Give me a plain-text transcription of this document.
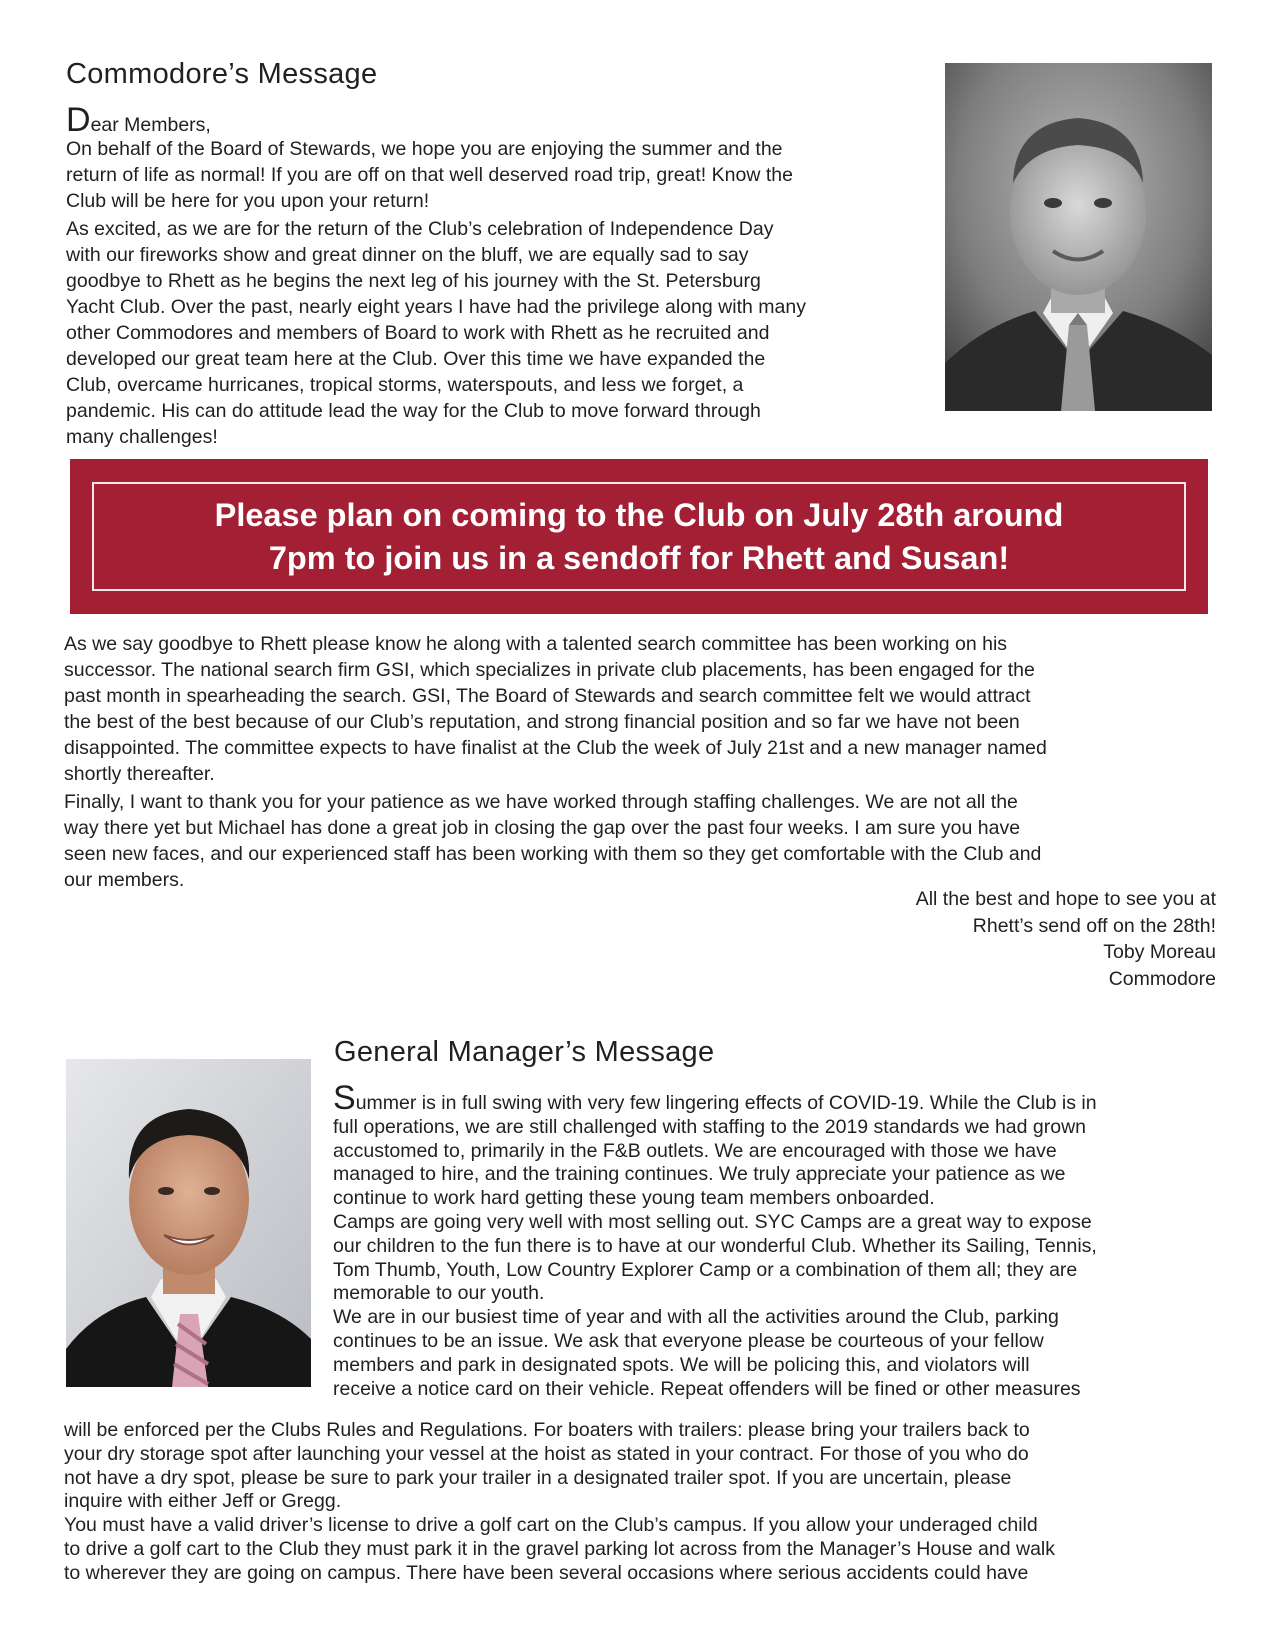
Commodore’s Message

Dear Members,

On behalf of the Board of Stewards, we hope you are enjoying the summer and the
return of life as normal! If you are off on that well deserved road trip, great! Know the
Club will be here for you upon your return!

As excited, as we are for the return of the Club’s celebration of Independence Day
with our fireworks show and great dinner on the bluff, we are equally sad to say
goodbye to Rhett as he begins the next leg of his journey with the St. Petersburg
Yacht Club. Over the past, nearly eight years I have had the privilege along with many
other Commodores and members of Board to work with Rhett as he recruited and
developed our great team here at the Club. Over this time we have expanded the
Club, overcame hurricanes, tropical storms, waterspouts, and less we forget, a
pandemic. His can do attitude lead the way for the Club to move forward through
many challenges!

Please plan on coming to the Club on July 28th around
7pm to join us in a sendoff for Rhett and Susan!

As we say goodbye to Rhett please know he along with a talented search committee has been working on his
successor. The national search firm GSI, which specializes in private club placements, has been engaged for the
past month in spearheading the search. GSI, The Board of Stewards and search committee felt we would attract
the best of the best because of our Club’s reputation, and strong financial position and so far we have not been
disappointed. The committee expects to have finalist at the Club the week of July 21st and a new manager named
shortly thereafter.

Finally, I want to thank you for your patience as we have worked through staffing challenges. We are not all the
way there yet but Michael has done a great job in closing the gap over the past four weeks. I am sure you have
seen new faces, and our experienced staff has been working with them so they get comfortable with the Club and
our members.

All the best and hope to see you at
Rhett’s send off on the 28th!
Toby Moreau
Commodore
General Manager’s Message

Summer is in full swing with very few lingering effects of COVID-19. While the Club is in
full operations, we are still challenged with staffing to the 2019 standards we had grown
accustomed to, primarily in the F&B outlets. We are encouraged with those we have
managed to hire, and the training continues. We truly appreciate your patience as we
continue to work hard getting these young team members onboarded.
Camps are going very well with most selling out. SYC Camps are a great way to expose
our children to the fun there is to have at our wonderful Club. Whether its Sailing, Tennis,
Tom Thumb, Youth, Low Country Explorer Camp or a combination of them all; they are
memorable to our youth.
We are in our busiest time of year and with all the activities around the Club, parking
continues to be an issue. We ask that everyone please be courteous of your fellow
members and park in designated spots. We will be policing this, and violators will
receive a notice card on their vehicle. Repeat offenders will be fined or other measures

will be enforced per the Clubs Rules and Regulations. For boaters with trailers: please bring your trailers back to
your dry storage spot after launching your vessel at the hoist as stated in your contract. For those of you who do
not have a dry spot, please be sure to park your trailer in a designated trailer spot. If you are uncertain, please
inquire with either Jeff or Gregg.
You must have a valid driver’s license to drive a golf cart on the Club’s campus. If you allow your underaged child
to drive a golf cart to the Club they must park it in the gravel parking lot across from the Manager’s House and walk
to wherever they are going on campus. There have been several occasions where serious accidents could have
